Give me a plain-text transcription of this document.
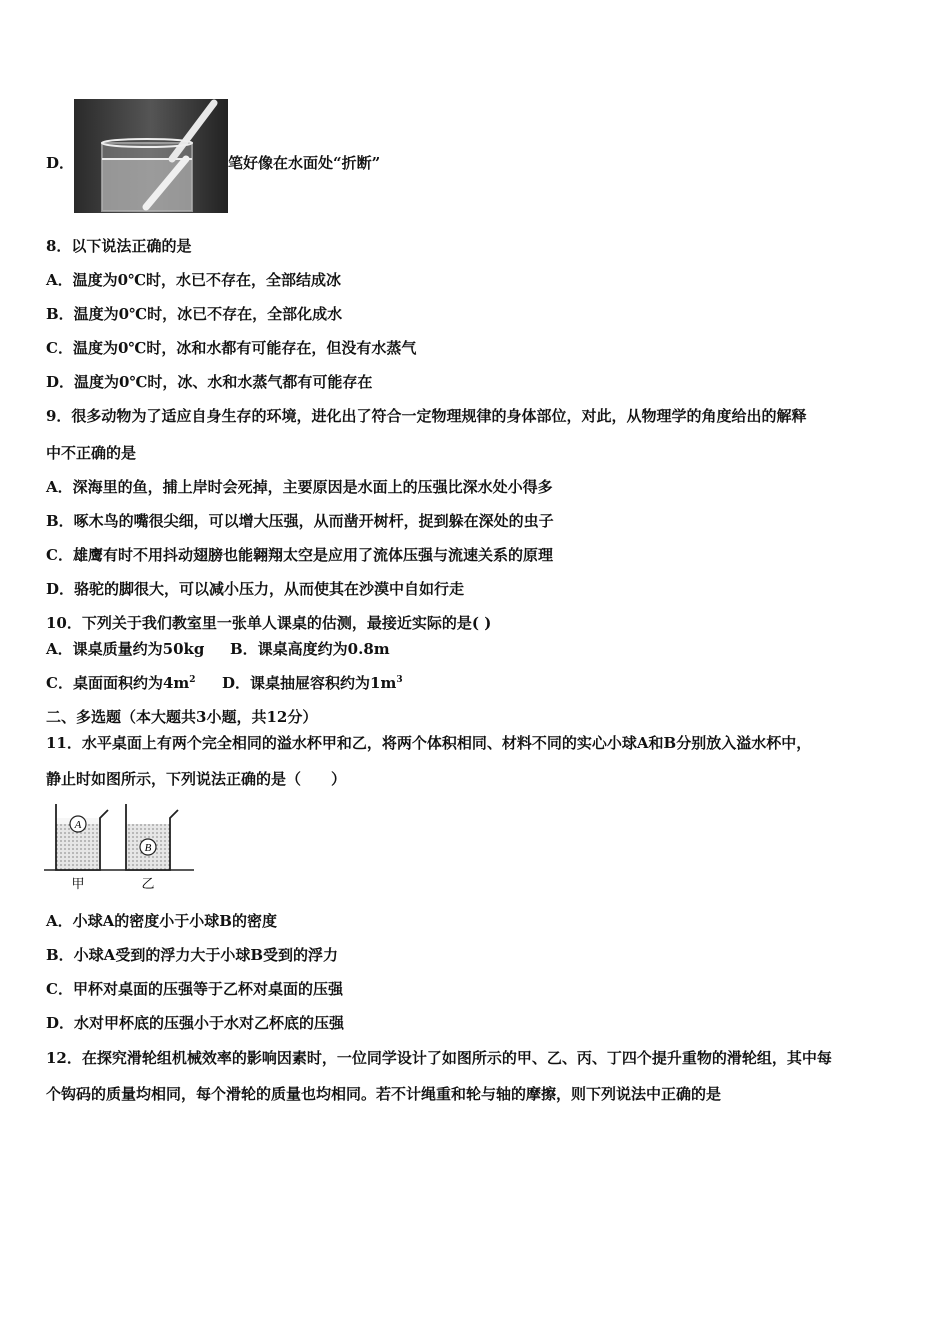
D．	笔好像在水面处“折断”
8．以下说法正确的是
A．温度为0℃时，水已不存在，全部结成冰
B．温度为0℃时，冰已不存在，全部化成水
C．温度为0℃时，冰和水都有可能存在，但没有水蒸气
D．温度为0℃时，冰、水和水蒸气都有可能存在
9．很多动物为了适应自身生存的环境，进化出了符合一定物理规律的身体部位，对此，从物理学的角度给出的解释
中不正确的是
A．深海里的鱼，捕上岸时会死掉，主要原因是水面上的压强比深水处小得多
B．啄木鸟的嘴很尖细，可以增大压强，从而凿开树杆，捉到躲在深处的虫子
C．雄鹰有时不用抖动翅膀也能翱翔太空是应用了流体压强与流速关系的原理
D．骆驼的脚很大，可以减小压力，从而使其在沙漠中自如行走
10．下列关于我们教室里一张单人课桌的估测，最接近实际的是( )
A．课桌质量约为50kg B．课桌高度约为0.8m
C．桌面面积约为$4m^2$ D．课桌抽屉容积约为$1m^3$
二、多选题（本大题共3小题，共12分）
11．水平桌面上有两个完全相同的溢水杯甲和乙，将两个体积相同、材料不同的实心小球A和B分别放入溢水杯中，
静止时如图所示，下列说法正确的是（　　）
A
B
甲	乙
A．小球A的密度小于小球B的密度
B．小球A受到的浮力大于小球B受到的浮力
C．甲杯对桌面的压强等于乙杯对桌面的压强
D．水对甲杯底的压强小于水对乙杯底的压强
12．在探究滑轮组机械效率的影响因素时，一位同学设计了如图所示的甲、乙、丙、丁四个提升重物的滑轮组，其中每
个钩码的质量均相同，每个滑轮的质量也均相同。若不计绳重和轮与轴的摩擦，则下列说法中正确的是
